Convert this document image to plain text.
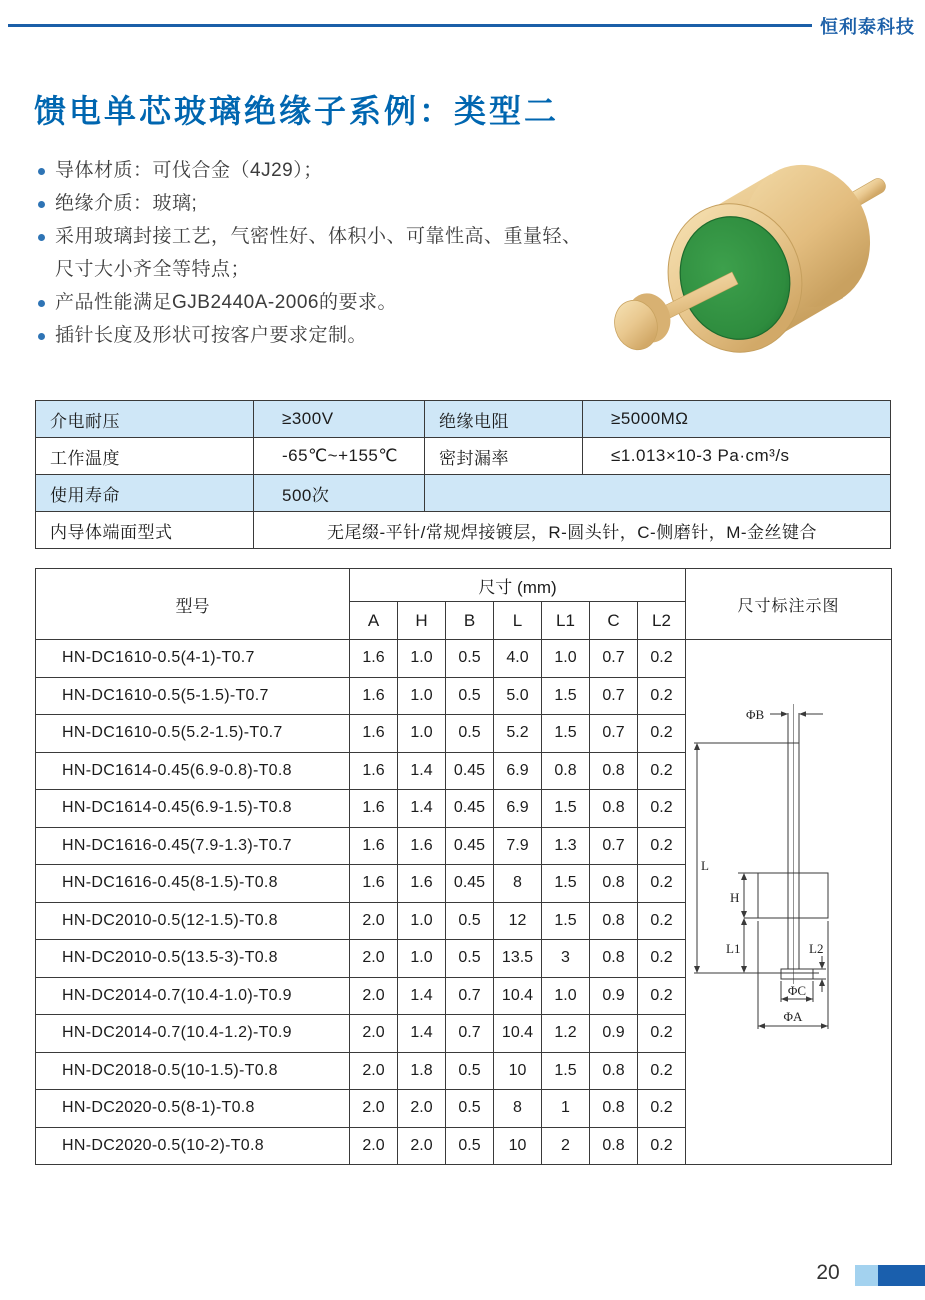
恒利泰科技
馈电单芯玻璃绝缘子系例：类型二
导体材质：可伐合金（4J29）；
绝缘介质：玻璃;
采用玻璃封接工艺，气密性好、体积小、可靠性高、重量轻、
尺寸大小齐全等特点；
产品性能满足GJB2440A-2006的要求。
插针长度及形状可按客户要求定制。
介电耐压	≥300V	绝缘电阻	≥5000MΩ
工作温度	-65℃~+155℃	密封漏率	≤1.013×10-3 Pa·cm³/s
使用寿命	500次		
内导体端面型式	无尾缀-平针/常规焊接镀层，R-圆头针，C-侧磨针，M-金丝键合		
型号	尺寸 (mm)						
	A	H	B	L	L1	C	L2
HN-DC1610-0.5(4-1)-T0.7	1.6	1.0	0.5	4.0	1.0	0.7	0.2
HN-DC1610-0.5(5-1.5)-T0.7	1.6	1.0	0.5	5.0	1.5	0.7	0.2
HN-DC1610-0.5(5.2-1.5)-T0.7	1.6	1.0	0.5	5.2	1.5	0.7	0.2
HN-DC1614-0.45(6.9-0.8)-T0.8	1.6	1.4	0.45	6.9	0.8	0.8	0.2
HN-DC1614-0.45(6.9-1.5)-T0.8	1.6	1.4	0.45	6.9	1.5	0.8	0.2
HN-DC1616-0.45(7.9-1.3)-T0.7	1.6	1.6	0.45	7.9	1.3	0.7	0.2
HN-DC1616-0.45(8-1.5)-T0.8	1.6	1.6	0.45	8	1.5	0.8	0.2
HN-DC2010-0.5(12-1.5)-T0.8	2.0	1.0	0.5	12	1.5	0.8	0.2
HN-DC2010-0.5(13.5-3)-T0.8	2.0	1.0	0.5	13.5	3	0.8	0.2
HN-DC2014-0.7(10.4-1.0)-T0.9	2.0	1.4	0.7	10.4	1.0	0.9	0.2
HN-DC2014-0.7(10.4-1.2)-T0.9	2.0	1.4	0.7	10.4	1.2	0.9	0.2
HN-DC2018-0.5(10-1.5)-T0.8	2.0	1.8	0.5	10	1.5	0.8	0.2
HN-DC2020-0.5(8-1)-T0.8	2.0	2.0	0.5	8	1	0.8	0.2
HN-DC2020-0.5(10-2)-T0.8	2.0	2.0	0.5	10	2	0.8	0.2
尺寸标注示图
ΦB
L
H
L1	L2
ΦC
ΦA
20
